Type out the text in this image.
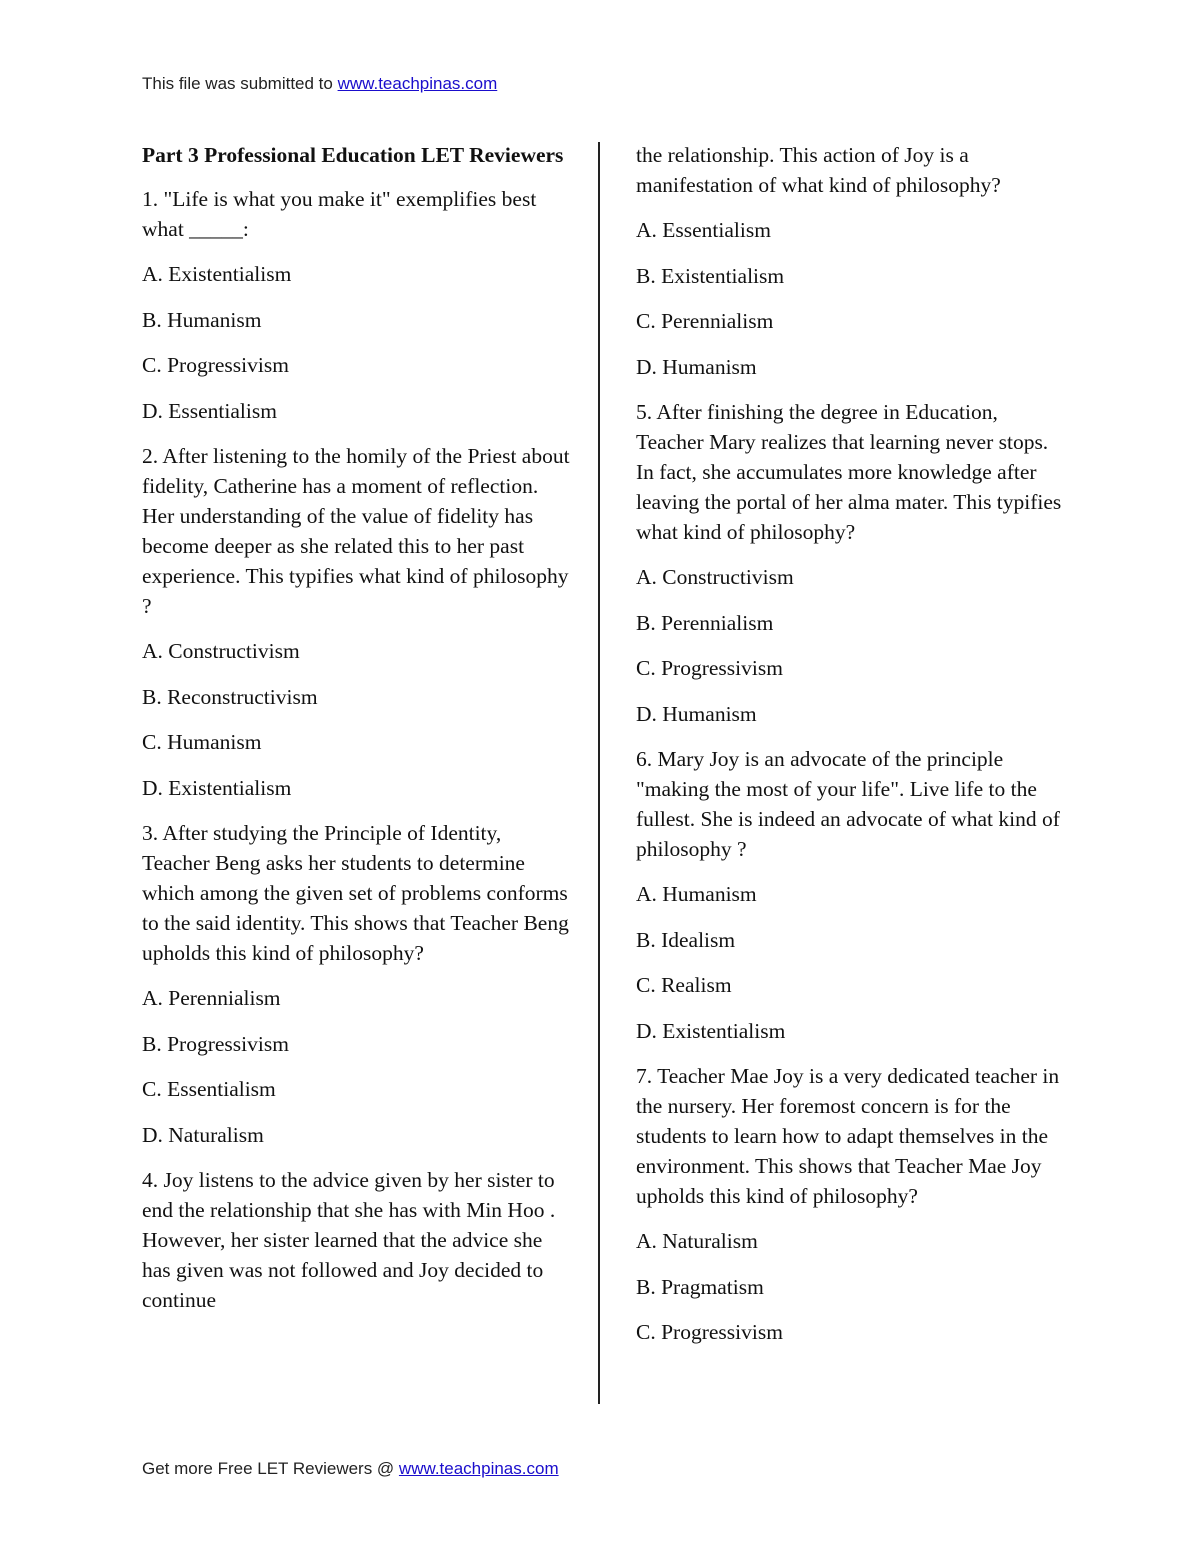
This file was submitted to www.teachpinas.com

Part 3 Professional Education LET Reviewers

1. "Life is what you make it" exemplifies best what _____:

A. Existentialism

B. Humanism

C. Progressivism

D. Essentialism

2. After listening to the homily of the Priest about fidelity, Catherine has a moment of reflection. Her understanding of the value of fidelity has become deeper as she related this to her past experience. This typifies what kind of philosophy ?

A. Constructivism

B. Reconstructivism

C. Humanism

D. Existentialism

3. After studying the Principle of Identity, Teacher Beng asks her students to determine which among the given set of problems conforms to the said identity. This shows that Teacher Beng upholds this kind of philosophy?

A. Perennialism

B. Progressivism

C. Essentialism

D. Naturalism

4. Joy listens to the advice given by her sister to end the relationship that she has with Min Hoo . However, her sister learned that the advice she has given was not followed and Joy decided to continue

the relationship. This action of Joy is a manifestation of what kind of philosophy?

A. Essentialism

B. Existentialism

C. Perennialism

D. Humanism

5. After finishing the degree in Education, Teacher Mary realizes that learning never stops. In fact, she accumulates more knowledge after leaving the portal of her alma mater. This typifies what kind of philosophy?

A. Constructivism

B. Perennialism

C. Progressivism

D. Humanism

6. Mary Joy is an advocate of the principle "making the most of your life". Live life to the fullest. She is indeed an advocate of what kind of philosophy ?

A. Humanism

B. Idealism

C. Realism

D. Existentialism

7. Teacher Mae Joy is a very dedicated teacher in the nursery. Her foremost concern is for the students to learn how to adapt themselves in the environment. This shows that Teacher Mae Joy upholds this kind of philosophy?

A. Naturalism

B. Pragmatism

C. Progressivism

Get more Free LET Reviewers @ www.teachpinas.com
